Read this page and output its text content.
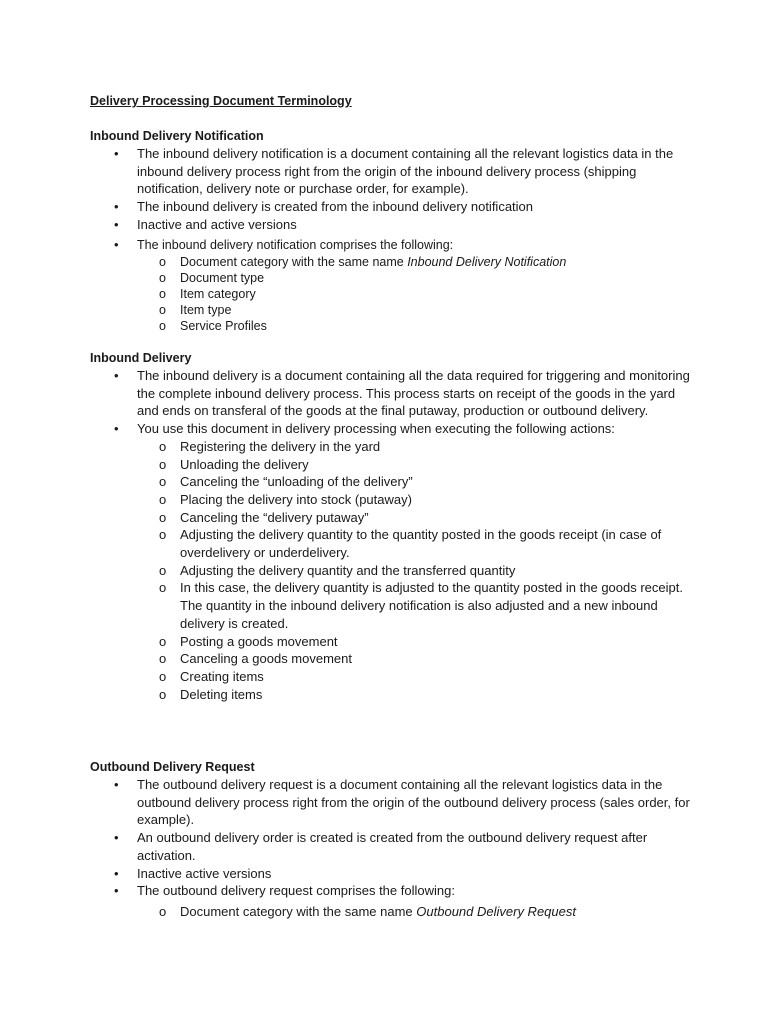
Delivery Processing Document Terminology
Inbound Delivery Notification
• The inbound delivery notification is a document containing all the relevant logistics data in the inbound delivery process right from the origin of the inbound delivery process (shipping notification, delivery note or purchase order, for example).
• The inbound delivery is created from the inbound delivery notification
• Inactive and active versions
• The inbound delivery notification comprises the following:
o Document category with the same name Inbound Delivery Notification
o Document type
o Item category
o Item type
o Service Profiles
Inbound Delivery
• The inbound delivery is a document containing all the data required for triggering and monitoring the complete inbound delivery process. This process starts on receipt of the goods in the yard and ends on transferal of the goods at the final putaway, production or outbound delivery.
• You use this document in delivery processing when executing the following actions:
o Registering the delivery in the yard
o Unloading the delivery
o Canceling the “unloading of the delivery”
o Placing the delivery into stock (putaway)
o Canceling the “delivery putaway”
o Adjusting the delivery quantity to the quantity posted in the goods receipt (in case of overdelivery or underdelivery.
o Adjusting the delivery quantity and the transferred quantity
o In this case, the delivery quantity is adjusted to the quantity posted in the goods receipt. The quantity in the inbound delivery notification is also adjusted and a new inbound delivery is created.
o Posting a goods movement
o Canceling a goods movement
o Creating items
o Deleting items
Outbound Delivery Request
• The outbound delivery request is a document containing all the relevant logistics data in the outbound delivery process right from the origin of the outbound delivery process (sales order, for example).
• An outbound delivery order is created is created from the outbound delivery request after activation.
• Inactive active versions
• The outbound delivery request comprises the following:
o Document category with the same name Outbound Delivery Request
